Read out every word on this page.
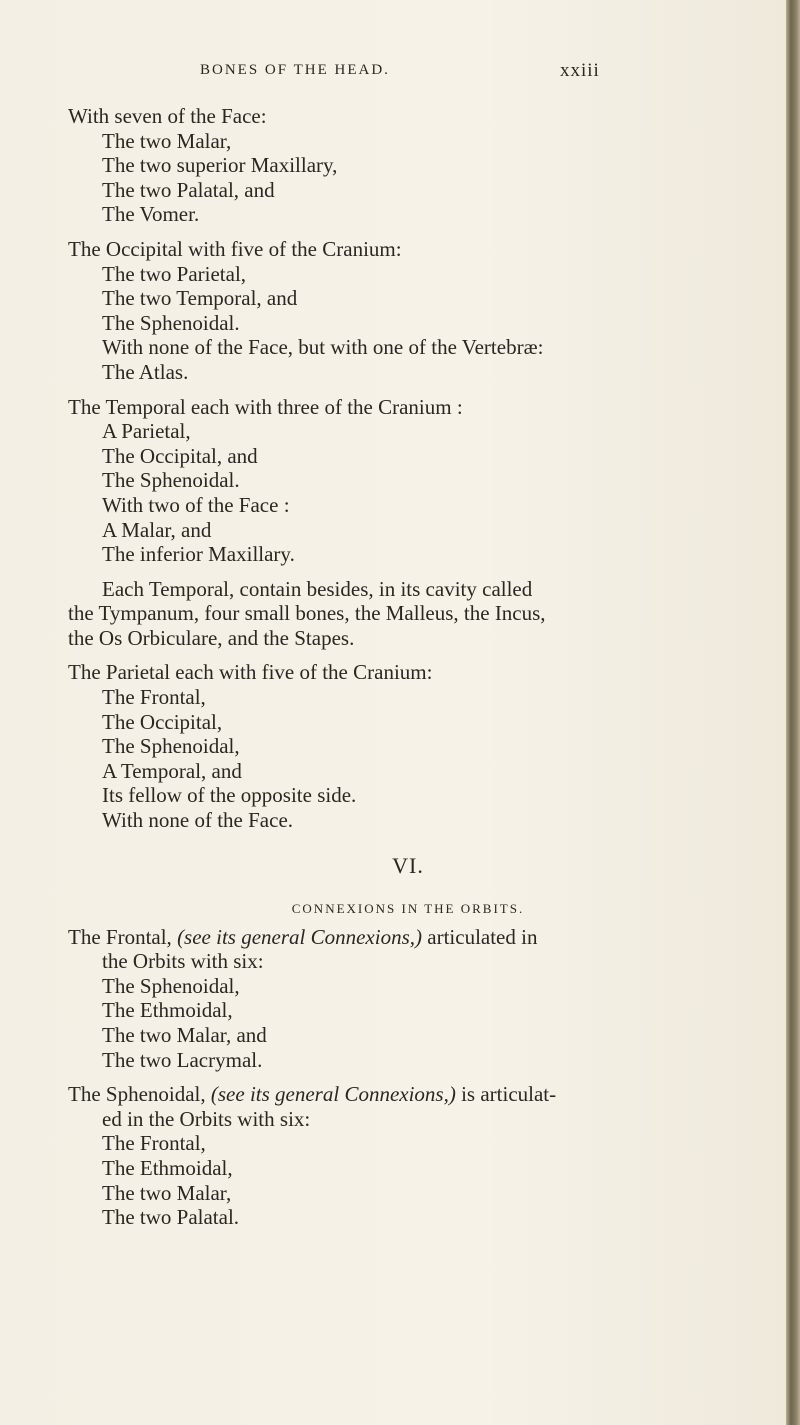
BONES OF THE HEAD.	xxiii

With seven of the Face:

The two Malar,

The two superior Maxillary,

The two Palatal, and

The Vomer.

The Occipital with five of the Cranium:

The two Parietal,

The two Temporal, and

The Sphenoidal.

With none of the Face, but with one of the Vertebræ:

The Atlas.

The Temporal each with three of the Cranium :

A Parietal,

The Occipital, and

The Sphenoidal.

With two of the Face :

A Malar, and

The inferior Maxillary.

Each Temporal, contain besides, in its cavity called

the Tympanum, four small bones, the Malleus, the Incus,

the Os Orbiculare, and the Stapes.

The Parietal each with five of the Cranium:

The Frontal,

The Occipital,

The Sphenoidal,

A Temporal, and

Its fellow of the opposite side.

With none of the Face.

VI.
CONNEXIONS IN THE ORBITS.

The Frontal, (see its general Connexions,) articulated in

the Orbits with six:

The Sphenoidal,

The Ethmoidal,

The two Malar, and

The two Lacrymal.

The Sphenoidal, (see its general Connexions,) is articulat-

ed in the Orbits with six:

The Frontal,

The Ethmoidal,

The two Malar,

The two Palatal.
